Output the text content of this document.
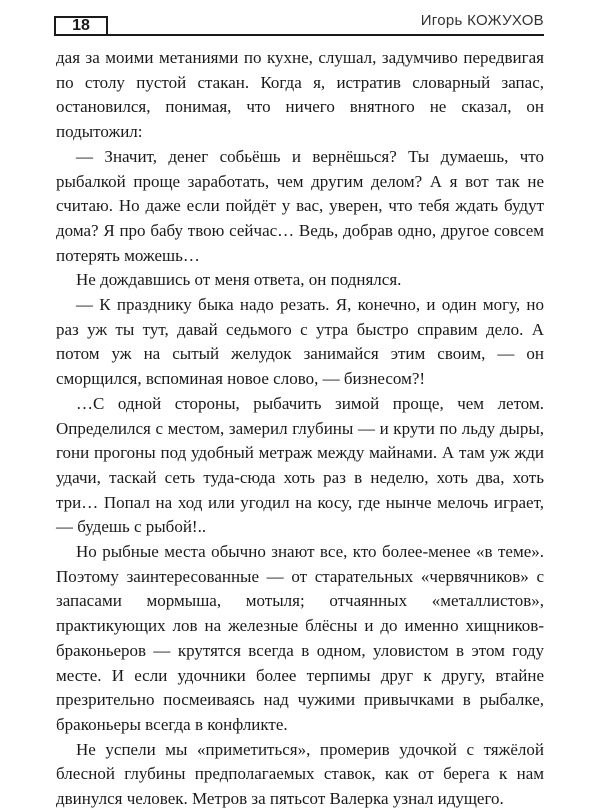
18	Игорь КОЖУХОВ

дая за моими метаниями по кухне, слушал, задумчиво передвигая по столу пустой стакан. Когда я, истратив словарный запас, остановился, понимая, что ничего внятного не сказал, он подытожил:

— Значит, денег собьёшь и вернёшься? Ты думаешь, что рыбалкой проще заработать, чем другим делом? А я вот так не считаю. Но даже если пойдёт у вас, уверен, что тебя ждать будут дома? Я про бабу твою сейчас… Ведь, добрав одно, другое совсем потерять можешь…

Не дождавшись от меня ответа, он поднялся.

— К празднику быка надо резать. Я, конечно, и один могу, но раз уж ты тут, давай седьмого с утра быстро справим дело. А потом уж на сытый желудок занимайся этим своим, — он сморщился, вспоминая новое слово, — бизнесом?!

…С одной стороны, рыбачить зимой проще, чем летом. Определился с местом, замерил глубины — и крути по льду дыры, гони прогоны под удобный метраж между майнами. А там уж жди удачи, таскай сеть туда-сюда хоть раз в неделю, хоть два, хоть три… Попал на ход или угодил на косу, где нынче мелочь играет, — будешь с рыбой!..

Но рыбные места обычно знают все, кто более-менее «в теме». Поэтому заинтересованные — от старательных «червячников» с запасами мормыша, мотыля; отчаянных «металлистов», практикующих лов на железные блёсны и до именно хищников-браконьеров — крутятся всегда в одном, уловистом в этом году месте. И если удочники более терпимы друг к другу, втайне презрительно посмеиваясь над чужими привычками в рыбалке, браконьеры всегда в конфликте.

Не успели мы «приметиться», промерив удочкой с тяжёлой блесной глубины предполагаемых ставок, как от берега к нам двинулся человек. Метров за пятьсот Валерка узнал идущего.
